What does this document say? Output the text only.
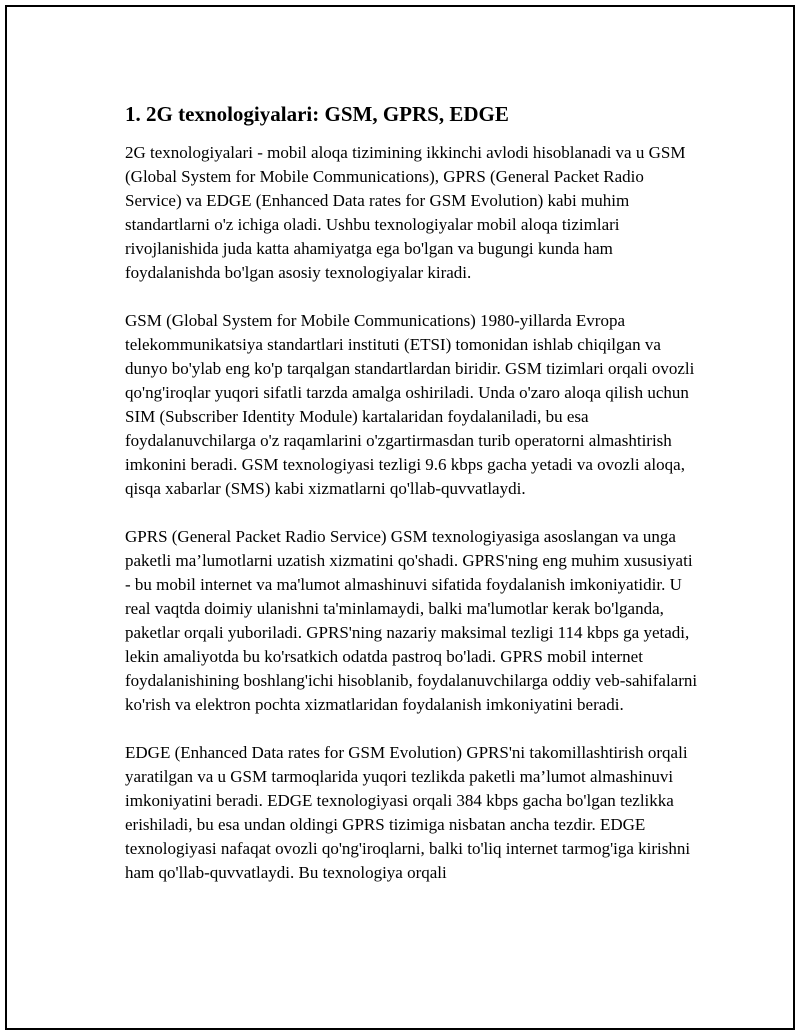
1. 2G texnologiyalari: GSM, GPRS, EDGE

2G texnologiyalari - mobil aloqa tizimining ikkinchi avlodi hisoblanadi va u GSM (Global System for Mobile Communications), GPRS (General Packet Radio Service) va EDGE (Enhanced Data rates for GSM Evolution) kabi muhim standartlarni o'z ichiga oladi. Ushbu texnologiyalar mobil aloqa tizimlari rivojlanishida juda katta ahamiyatga ega bo'lgan va bugungi kunda ham foydalanishda bo'lgan asosiy texnologiyalar kiradi.

GSM (Global System for Mobile Communications) 1980-yillarda Evropa telekommunikatsiya standartlari instituti (ETSI) tomonidan ishlab chiqilgan va dunyo bo'ylab eng ko'p tarqalgan standartlardan biridir. GSM tizimlari orqali ovozli qo'ng'iroqlar yuqori sifatli tarzda amalga oshiriladi. Unda o'zaro aloqa qilish uchun SIM (Subscriber Identity Module) kartalaridan foydalaniladi, bu esa foydalanuvchilarga o'z raqamlarini o'zgartirmasdan turib operatorni almashtirish imkonini beradi. GSM texnologiyasi tezligi 9.6 kbps gacha yetadi va ovozli aloqa, qisqa xabarlar (SMS) kabi xizmatlarni qo'llab-quvvatlaydi.

GPRS (General Packet Radio Service) GSM texnologiyasiga asoslangan va unga paketli ma’lumotlarni uzatish xizmatini qo'shadi. GPRS'ning eng muhim xususiyati - bu mobil internet va ma'lumot almashinuvi sifatida foydalanish imkoniyatidir. U real vaqtda doimiy ulanishni ta'minlamaydi, balki ma'lumotlar kerak bo'lganda, paketlar orqali yuboriladi. GPRS'ning nazariy maksimal tezligi 114 kbps ga yetadi, lekin amaliyotda bu ko'rsatkich odatda pastroq bo'ladi. GPRS mobil internet foydalanishining boshlang'ichi hisoblanib, foydalanuvchilarga oddiy veb-sahifalarni ko'rish va elektron pochta xizmatlaridan foydalanish imkoniyatini beradi.

EDGE (Enhanced Data rates for GSM Evolution) GPRS'ni takomillashtirish orqali yaratilgan va u GSM tarmoqlarida yuqori tezlikda paketli ma’lumot almashinuvi imkoniyatini beradi. EDGE texnologiyasi orqali 384 kbps gacha bo'lgan tezlikka erishiladi, bu esa undan oldingi GPRS tizimiga nisbatan ancha tezdir. EDGE texnologiyasi nafaqat ovozli qo'ng'iroqlarni, balki to'liq internet tarmog'iga kirishni ham qo'llab-quvvatlaydi. Bu texnologiya orqali
